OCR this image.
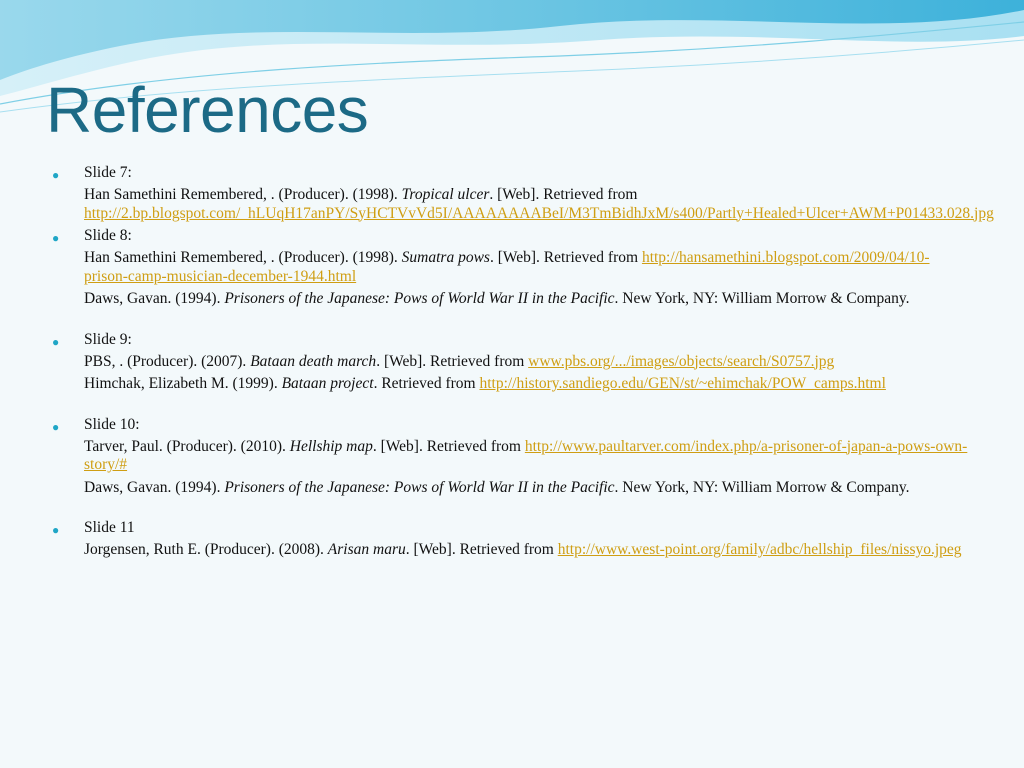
References
● Slide 7:
Han Samethini Remembered, . (Producer). (1998). Tropical ulcer. [Web]. Retrieved from http://2.bp.blogspot.com/_hLUqH17anPY/SyHCTVvVd5I/AAAAAAAABeI/M3TmBidhJxM/s400/Partly+Healed+Ulcer+AWM+P01433.028.jpg
● Slide 8:
Han Samethini Remembered, . (Producer). (1998). Sumatra pows. [Web]. Retrieved from http://hansamethini.blogspot.com/2009/04/10-prison-camp-musician-december-1944.html
Daws, Gavan. (1994). Prisoners of the Japanese: Pows of World War II in the Pacific. New York, NY: William Morrow & Company.
● Slide 9:
PBS, . (Producer). (2007). Bataan death march. [Web]. Retrieved from www.pbs.org/.../images/objects/search/S0757.jpg
Himchak, Elizabeth M. (1999). Bataan project. Retrieved from http://history.sandiego.edu/GEN/st/~ehimchak/POW_camps.html
● Slide 10:
Tarver, Paul. (Producer). (2010). Hellship map. [Web]. Retrieved from http://www.paultarver.com/index.php/a-prisoner-of-japan-a-pows-own-story/#
Daws, Gavan. (1994). Prisoners of the Japanese: Pows of World War II in the Pacific. New York, NY: William Morrow & Company.
● Slide 11
Jorgensen, Ruth E. (Producer). (2008). Arisan maru. [Web]. Retrieved from http://www.west-point.org/family/adbc/hellship_files/nissyo.jpeg
